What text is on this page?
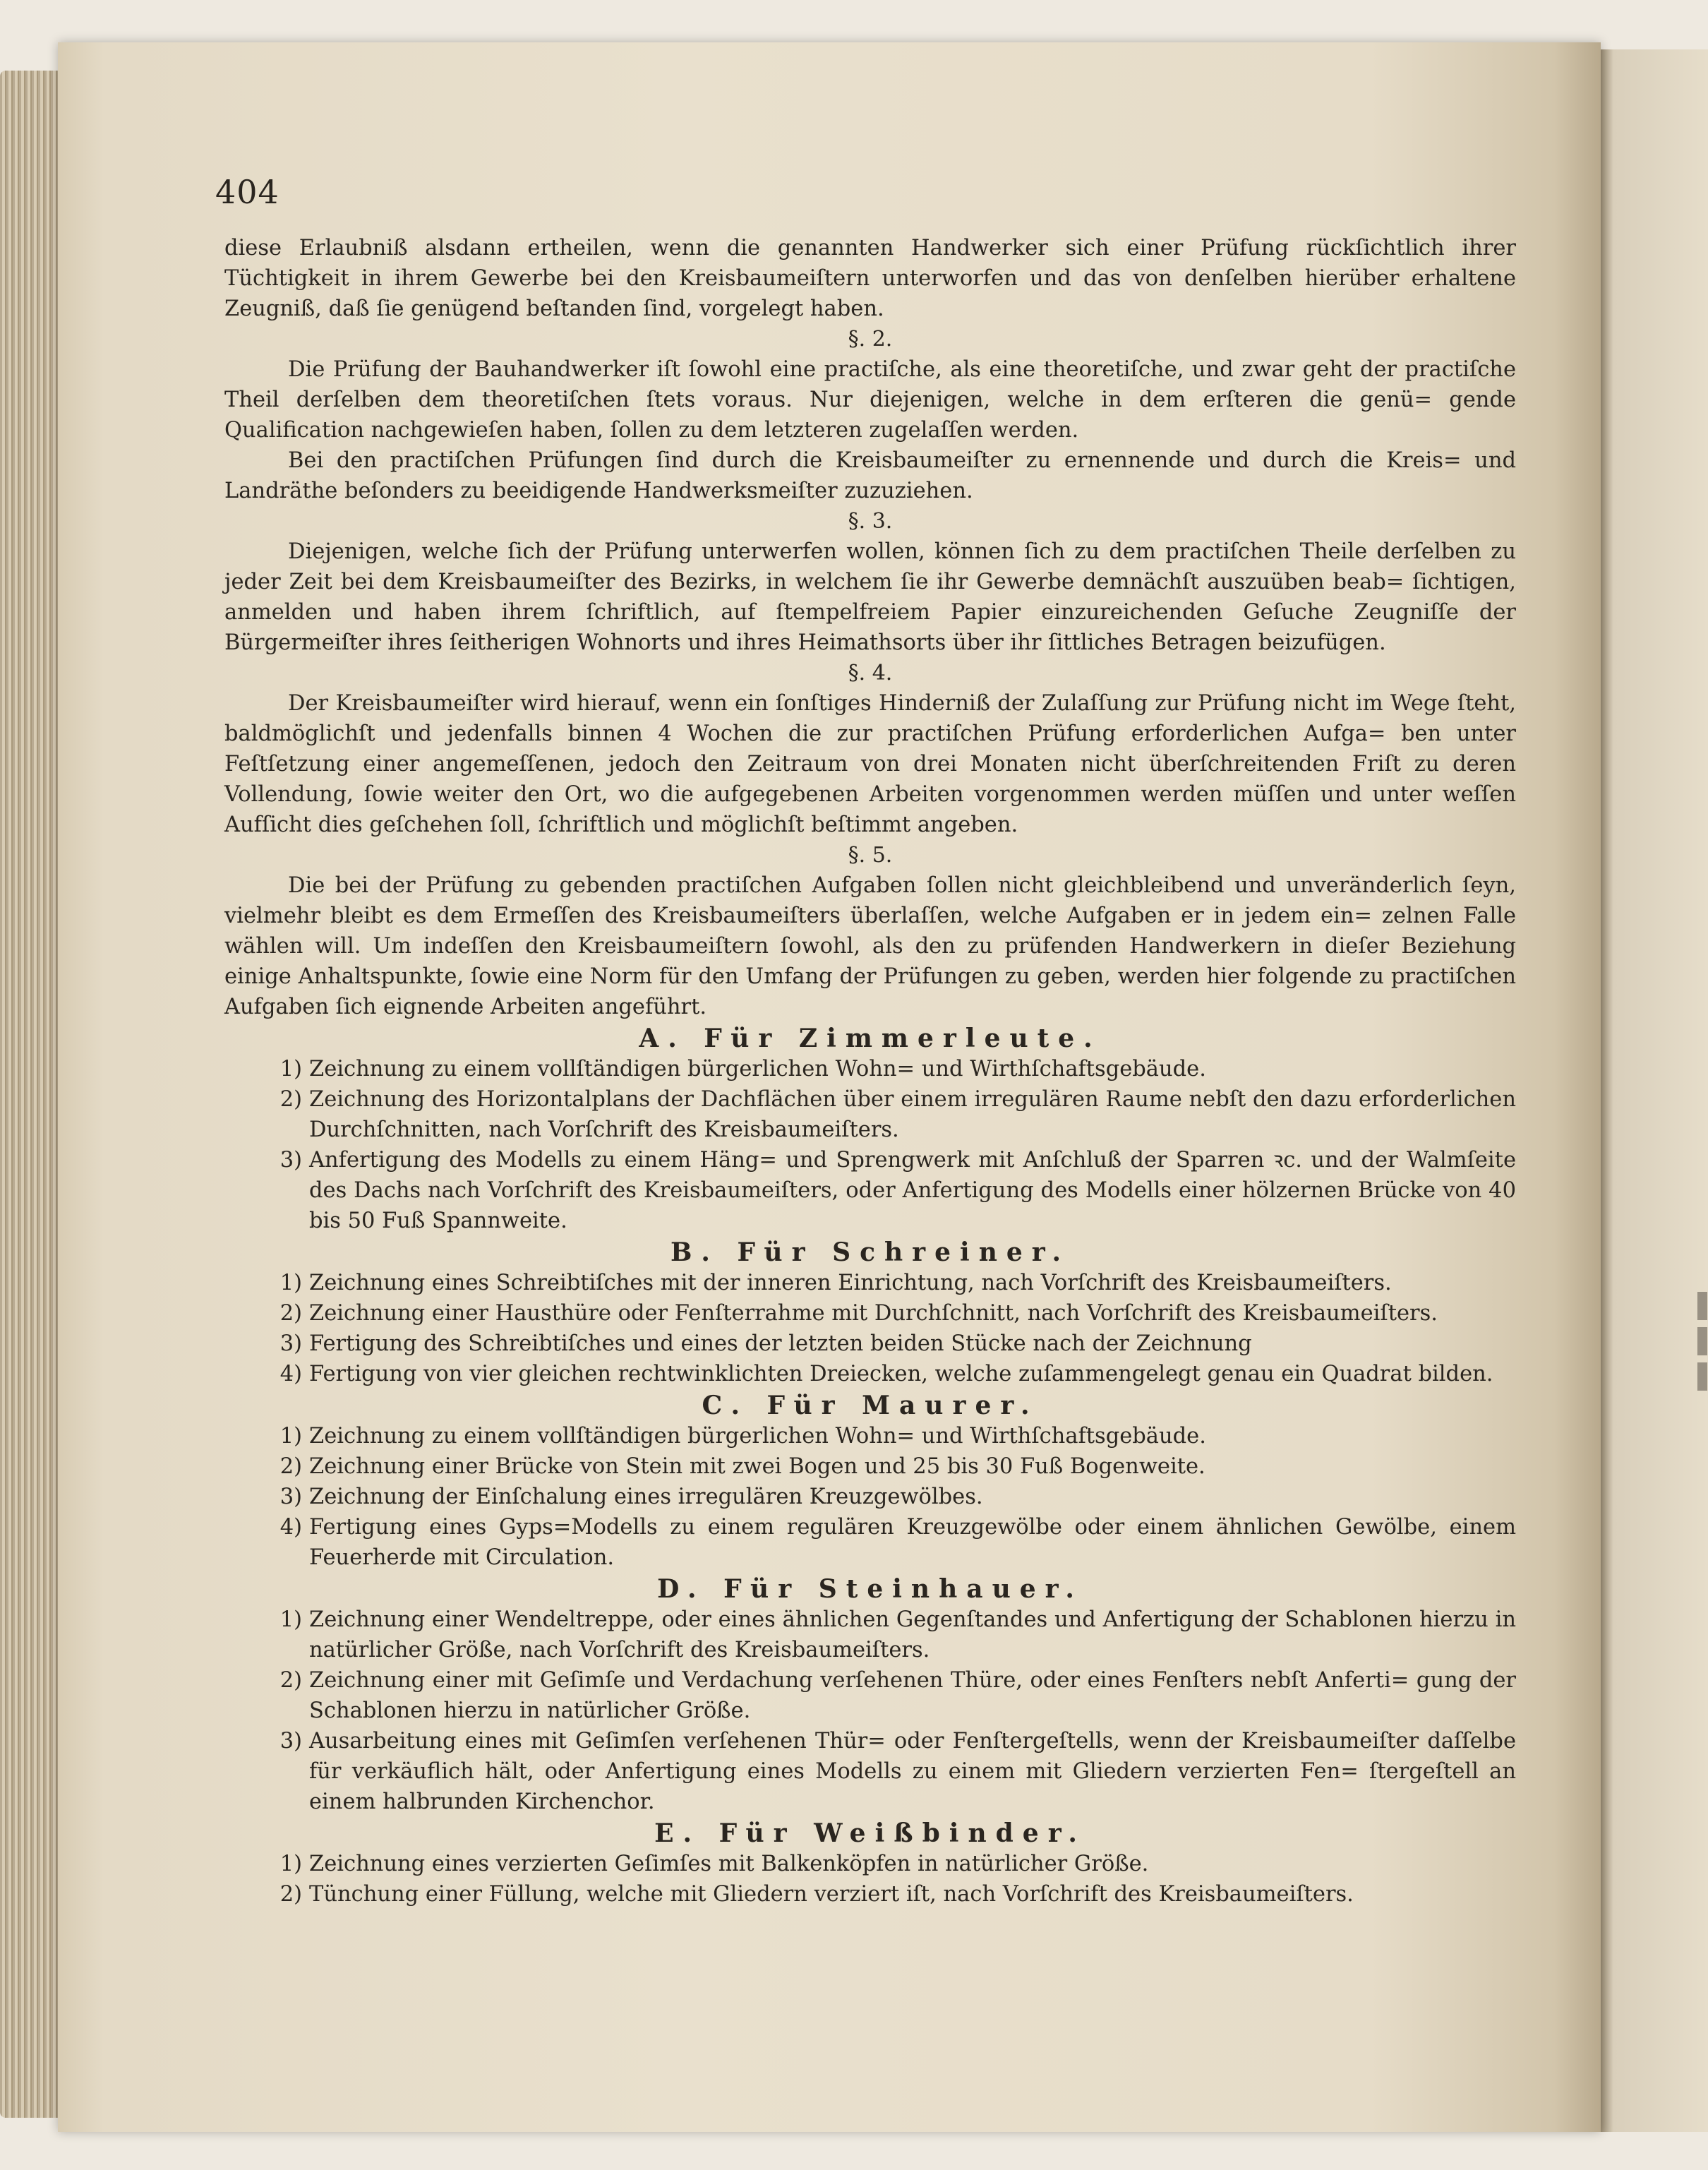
404

diese Erlaubniß alsdann ertheilen, wenn die genannten Handwerker sich einer Prüfung rückſichtlich ihrer Tüchtigkeit in ihrem Gewerbe bei den Kreisbaumeiſtern unterworfen und das von denſelben hierüber erhaltene Zeugniß, daß ſie genügend beſtanden ſind, vorgelegt haben.

§. 2.

Die Prüfung der Bauhandwerker iſt ſowohl eine practiſche, als eine theoretiſche, und zwar geht der practiſche Theil derſelben dem theoretiſchen ſtets voraus. Nur diejenigen, welche in dem erſteren die genü= gende Qualification nachgewieſen haben, ſollen zu dem letzteren zugelaſſen werden.

Bei den practiſchen Prüfungen ſind durch die Kreisbaumeiſter zu ernennende und durch die Kreis= und Landräthe beſonders zu beeidigende Handwerksmeiſter zuzuziehen.

§. 3.

Diejenigen, welche ſich der Prüfung unterwerfen wollen, können ſich zu dem practiſchen Theile derſelben zu jeder Zeit bei dem Kreisbaumeiſter des Bezirks, in welchem ſie ihr Gewerbe demnächſt auszuüben beab= ſichtigen, anmelden und haben ihrem ſchriftlich, auf ſtempelfreiem Papier einzureichenden Geſuche Zeugniſſe der Bürgermeiſter ihres ſeitherigen Wohnorts und ihres Heimathsorts über ihr ſittliches Betragen beizufügen.

§. 4.

Der Kreisbaumeiſter wird hierauf, wenn ein ſonſtiges Hinderniß der Zulaſſung zur Prüfung nicht im Wege ſteht, baldmöglichſt und jedenfalls binnen 4 Wochen die zur practiſchen Prüfung erforderlichen Aufga= ben unter Feſtſetzung einer angemeſſenen, jedoch den Zeitraum von drei Monaten nicht überſchreitenden Friſt zu deren Vollendung, ſowie weiter den Ort, wo die aufgegebenen Arbeiten vorgenommen werden müſſen und unter weſſen Aufſicht dies geſchehen ſoll, ſchriftlich und möglichſt beſtimmt angeben.

§. 5.

Die bei der Prüfung zu gebenden practiſchen Aufgaben ſollen nicht gleichbleibend und unveränderlich ſeyn, vielmehr bleibt es dem Ermeſſen des Kreisbaumeiſters überlaſſen, welche Aufgaben er in jedem ein= zelnen Falle wählen will. Um indeſſen den Kreisbaumeiſtern ſowohl, als den zu prüfenden Handwerkern in dieſer Beziehung einige Anhaltspunkte, ſowie eine Norm für den Umfang der Prüfungen zu geben, werden hier folgende zu practiſchen Aufgaben ſich eignende Arbeiten angeführt.

A. Für Zimmerleute.
1) Zeichnung zu einem vollſtändigen bürgerlichen Wohn= und Wirthſchaftsgebäude.
2) Zeichnung des Horizontalplans der Dachflächen über einem irregulären Raume nebſt den dazu erforderlichen Durchſchnitten, nach Vorſchrift des Kreisbaumeiſters.
3) Anfertigung des Modells zu einem Häng= und Sprengwerk mit Anſchluß der Sparren ꝛc. und der Walmſeite des Dachs nach Vorſchrift des Kreisbaumeiſters, oder Anfertigung des Modells einer hölzernen Brücke von 40 bis 50 Fuß Spannweite.
B. Für Schreiner.
1) Zeichnung eines Schreibtiſches mit der inneren Einrichtung, nach Vorſchrift des Kreisbaumeiſters.
2) Zeichnung einer Hausthüre oder Fenſterrahme mit Durchſchnitt, nach Vorſchrift des Kreisbaumeiſters.
3) Fertigung des Schreibtiſches und eines der letzten beiden Stücke nach der Zeichnung
4) Fertigung von vier gleichen rechtwinklichten Dreiecken, welche zuſammengelegt genau ein Quadrat bilden.
C. Für Maurer.
1) Zeichnung zu einem vollſtändigen bürgerlichen Wohn= und Wirthſchaftsgebäude.
2) Zeichnung einer Brücke von Stein mit zwei Bogen und 25 bis 30 Fuß Bogenweite.
3) Zeichnung der Einſchalung eines irregulären Kreuzgewölbes.
4) Fertigung eines Gyps=Modells zu einem regulären Kreuzgewölbe oder einem ähnlichen Gewölbe, einem Feuerherde mit Circulation.
D. Für Steinhauer.
1) Zeichnung einer Wendeltreppe, oder eines ähnlichen Gegenſtandes und Anfertigung der Schablonen hierzu in natürlicher Größe, nach Vorſchrift des Kreisbaumeiſters.
2) Zeichnung einer mit Geſimſe und Verdachung verſehenen Thüre, oder eines Fenſters nebſt Anferti= gung der Schablonen hierzu in natürlicher Größe.
3) Ausarbeitung eines mit Geſimſen verſehenen Thür= oder Fenſtergeſtells, wenn der Kreisbaumeiſter daſſelbe für verkäuflich hält, oder Anfertigung eines Modells zu einem mit Gliedern verzierten Fen= ſtergeſtell an einem halbrunden Kirchenchor.
E. Für Weißbinder.
1) Zeichnung eines verzierten Geſimſes mit Balkenköpfen in natürlicher Größe.
2) Tünchung einer Füllung, welche mit Gliedern verziert iſt, nach Vorſchrift des Kreisbaumeiſters.
